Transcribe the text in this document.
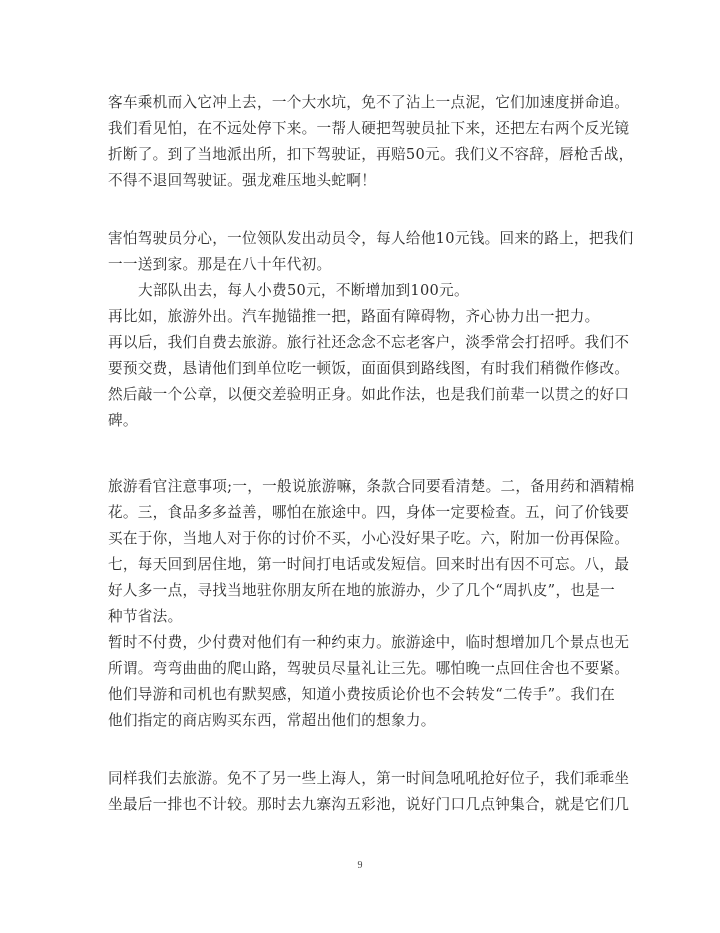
客车乘机而入它冲上去，一个大水坑，免不了沾上一点泥，它们加速度拼命追。
我们看见怕，在不远处停下来。一帮人硬把驾驶员扯下来，还把左右两个反光镜
折断了。到了当地派出所，扣下驾驶证，再赔50元。我们义不容辞，唇枪舌战，
不得不退回驾驶证。强龙难压地头蛇啊！
害怕驾驶员分心，一位领队发出动员令，每人给他10元钱。回来的路上，把我们
一一送到家。那是在八十年代初。
大部队出去，每人小费50元，不断增加到100元。
再比如，旅游外出。汽车抛锚推一把，路面有障碍物，齐心协力出一把力。
再以后，我们自费去旅游。旅行社还念念不忘老客户，淡季常会打招呼。我们不
要预交费，恳请他们到单位吃一顿饭，面面俱到路线图，有时我们稍微作修改。
然后敲一个公章，以便交差验明正身。如此作法，也是我们前辈一以贯之的好口
碑。
旅游看官注意事项;一，一般说旅游嘛，条款合同要看清楚。二，备用药和酒精棉
花。三，食品多多益善，哪怕在旅途中。四，身体一定要检查。五，问了价钱要
买在于你，当地人对于你的讨价不买，小心没好果子吃。六，附加一份再保险。
七，每天回到居住地，第一时间打电话或发短信。回来时出有因不可忘。八，最
好人多一点，寻找当地驻你朋友所在地的旅游办，少了几个“周扒皮”，也是一
种节省法。
暂时不付费，少付费对他们有一种约束力。旅游途中，临时想增加几个景点也无
所谓。弯弯曲曲的爬山路，驾驶员尽量礼让三先。哪怕晚一点回住舍也不要紧。
他们导游和司机也有默契感，知道小费按质论价也不会转发“二传手”。我们在
他们指定的商店购买东西，常超出他们的想象力。
同样我们去旅游。免不了另一些上海人，第一时间急吼吼抢好位子，我们乖乖坐
坐最后一排也不计较。那时去九寨沟五彩池，说好门口几点钟集合，就是它们几
9
